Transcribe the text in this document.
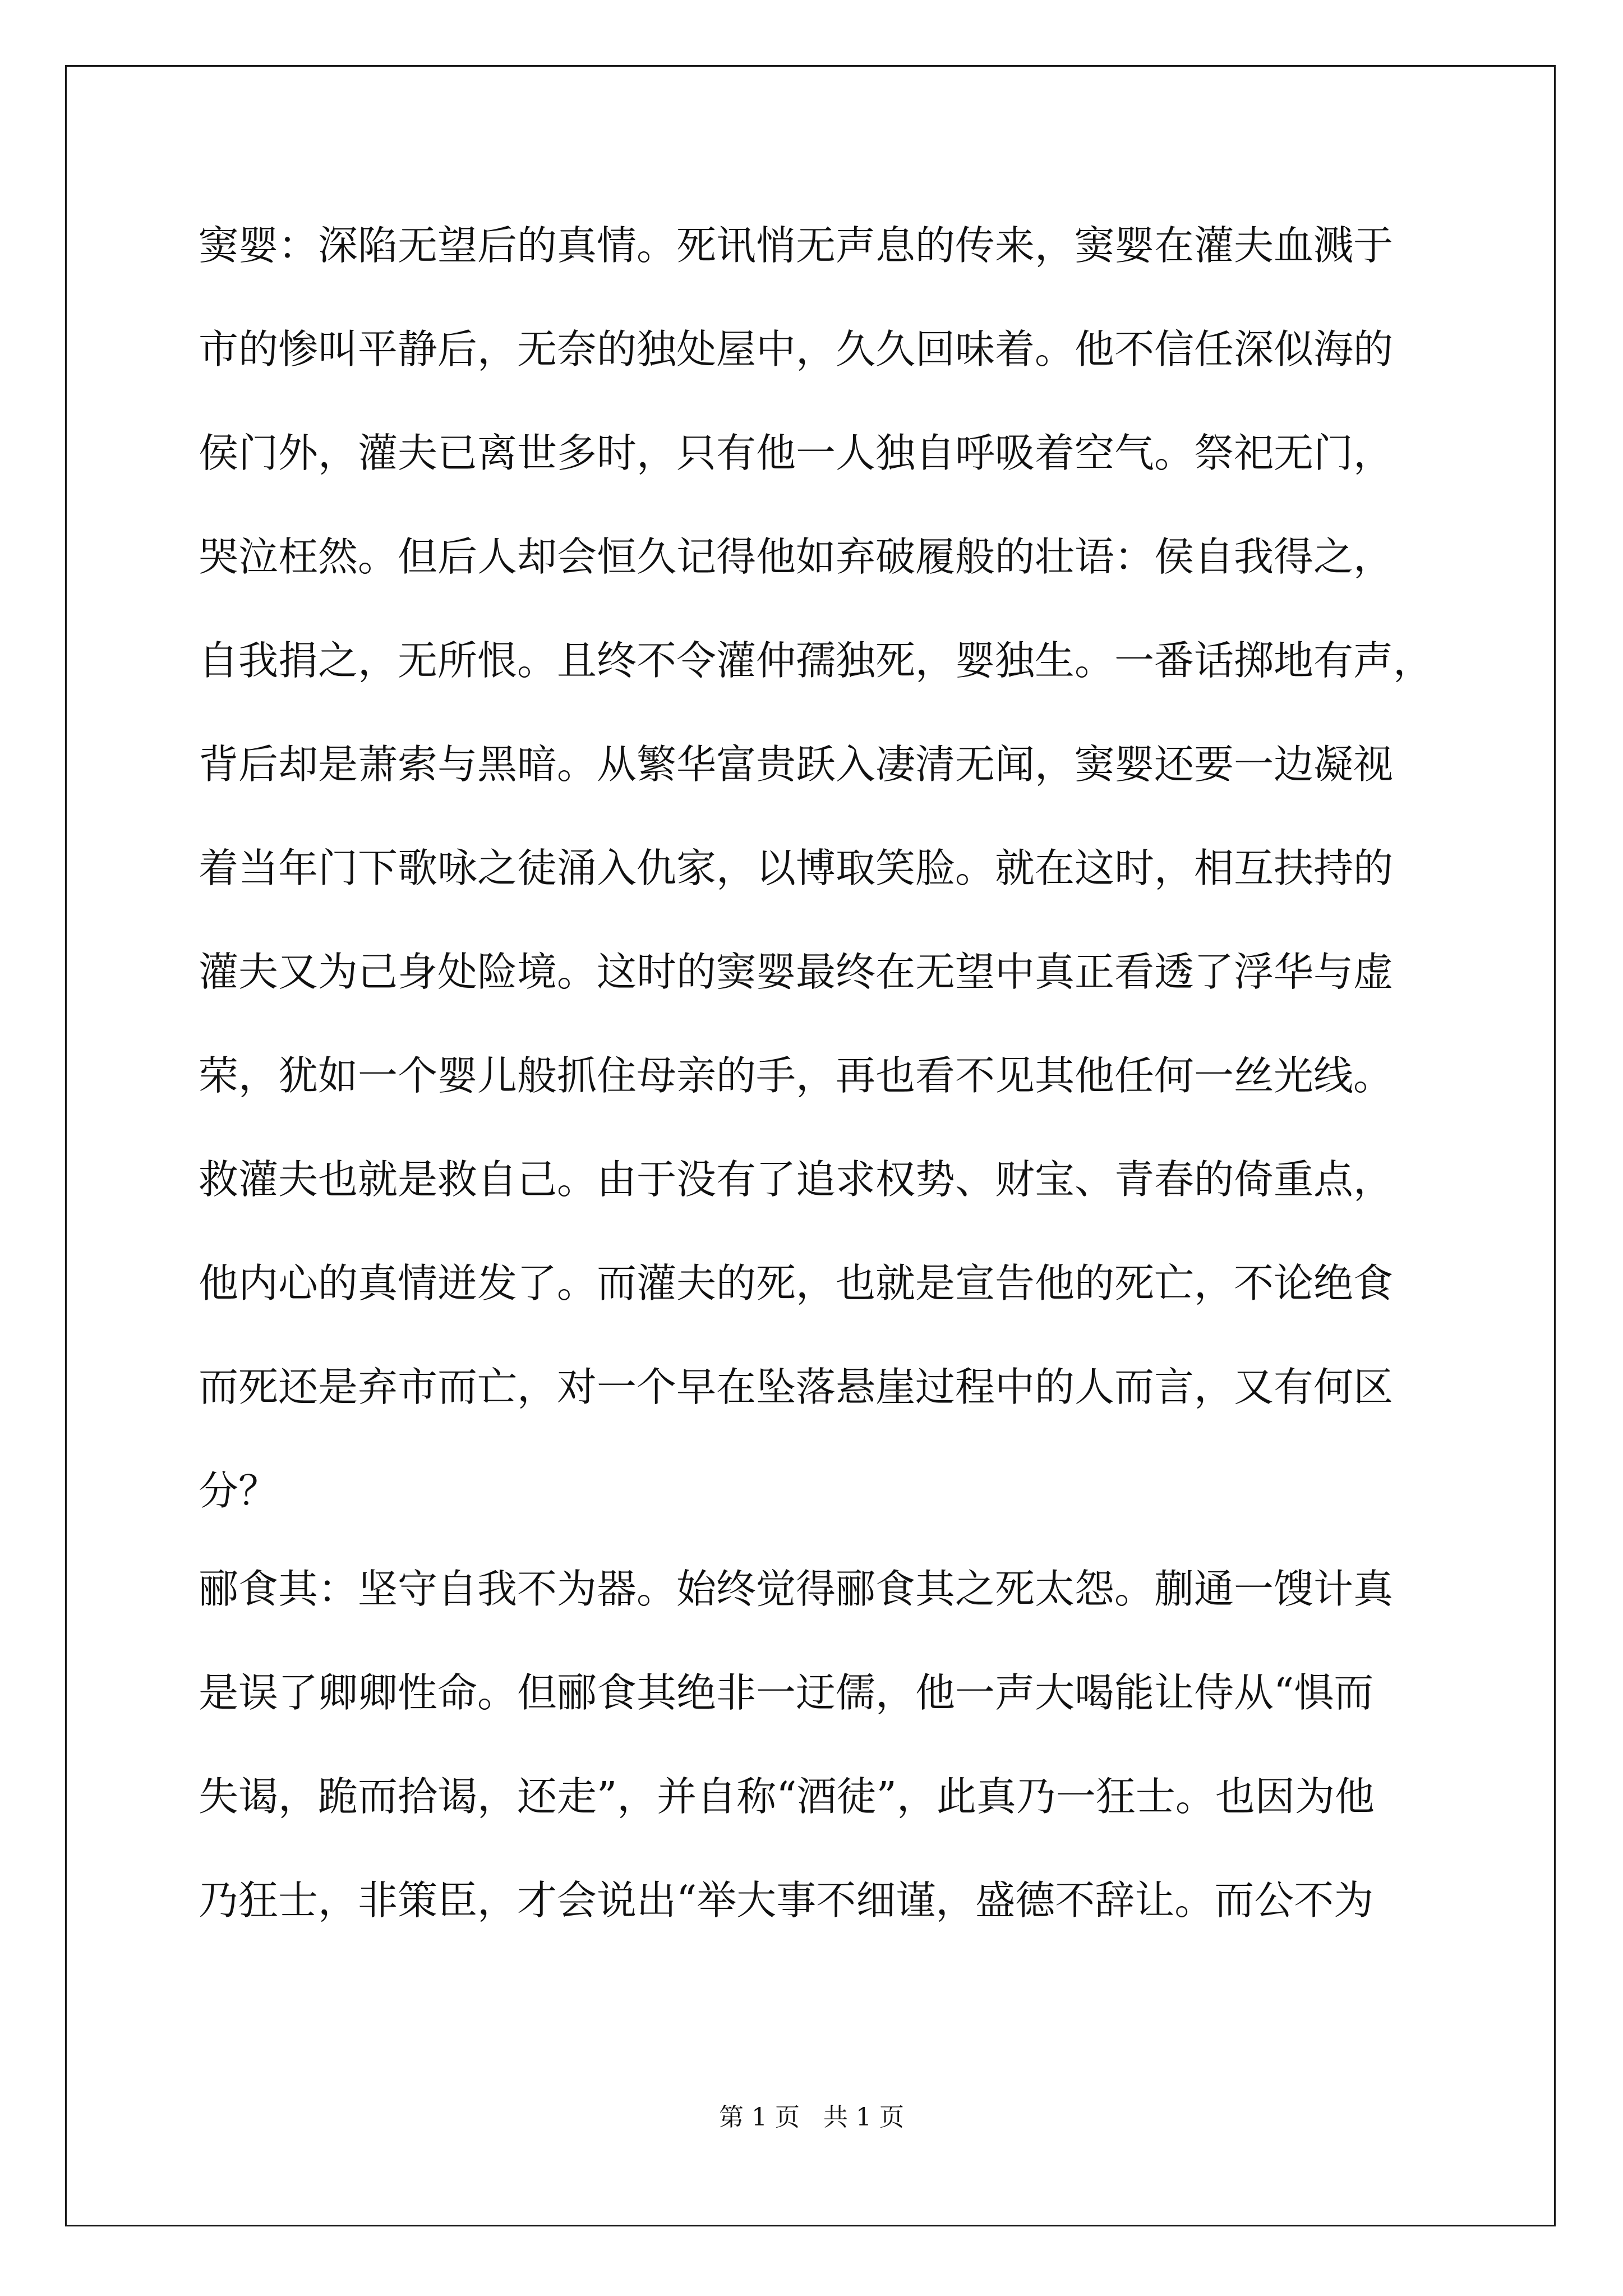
窦婴：深陷无望后的真情。死讯悄无声息的传来，窦婴在灌夫血溅于
市的惨叫平静后，无奈的独处屋中，久久回味着。他不信任深似海的
侯门外，灌夫已离世多时，只有他一人独自呼吸着空气。祭祀无门，
哭泣枉然。但后人却会恒久记得他如弃破履般的壮语：侯自我得之，
自我捐之，无所恨。且终不令灌仲孺独死，婴独生。一番话掷地有声，
背后却是萧索与黑暗。从繁华富贵跃入凄清无闻，窦婴还要一边凝视
着当年门下歌咏之徒涌入仇家，以博取笑脸。就在这时，相互扶持的
灌夫又为己身处险境。这时的窦婴最终在无望中真正看透了浮华与虚
荣，犹如一个婴儿般抓住母亲的手，再也看不见其他任何一丝光线。
救灌夫也就是救自己。由于没有了追求权势、财宝、青春的倚重点，
他内心的真情迸发了。而灌夫的死，也就是宣告他的死亡，不论绝食
而死还是弃市而亡，对一个早在坠落悬崖过程中的人而言，又有何区
分？
郦食其：坚守自我不为器。始终觉得郦食其之死太怨。蒯通一馊计真
是误了卿卿性命。但郦食其绝非一迂儒，他一声大喝能让侍从“惧而
失谒，跪而拾谒，还走”，并自称“酒徒”，此真乃一狂士。也因为他
乃狂士，非策臣，才会说出“举大事不细谨，盛德不辞让。而公不为
第 1 页   共 1 页
